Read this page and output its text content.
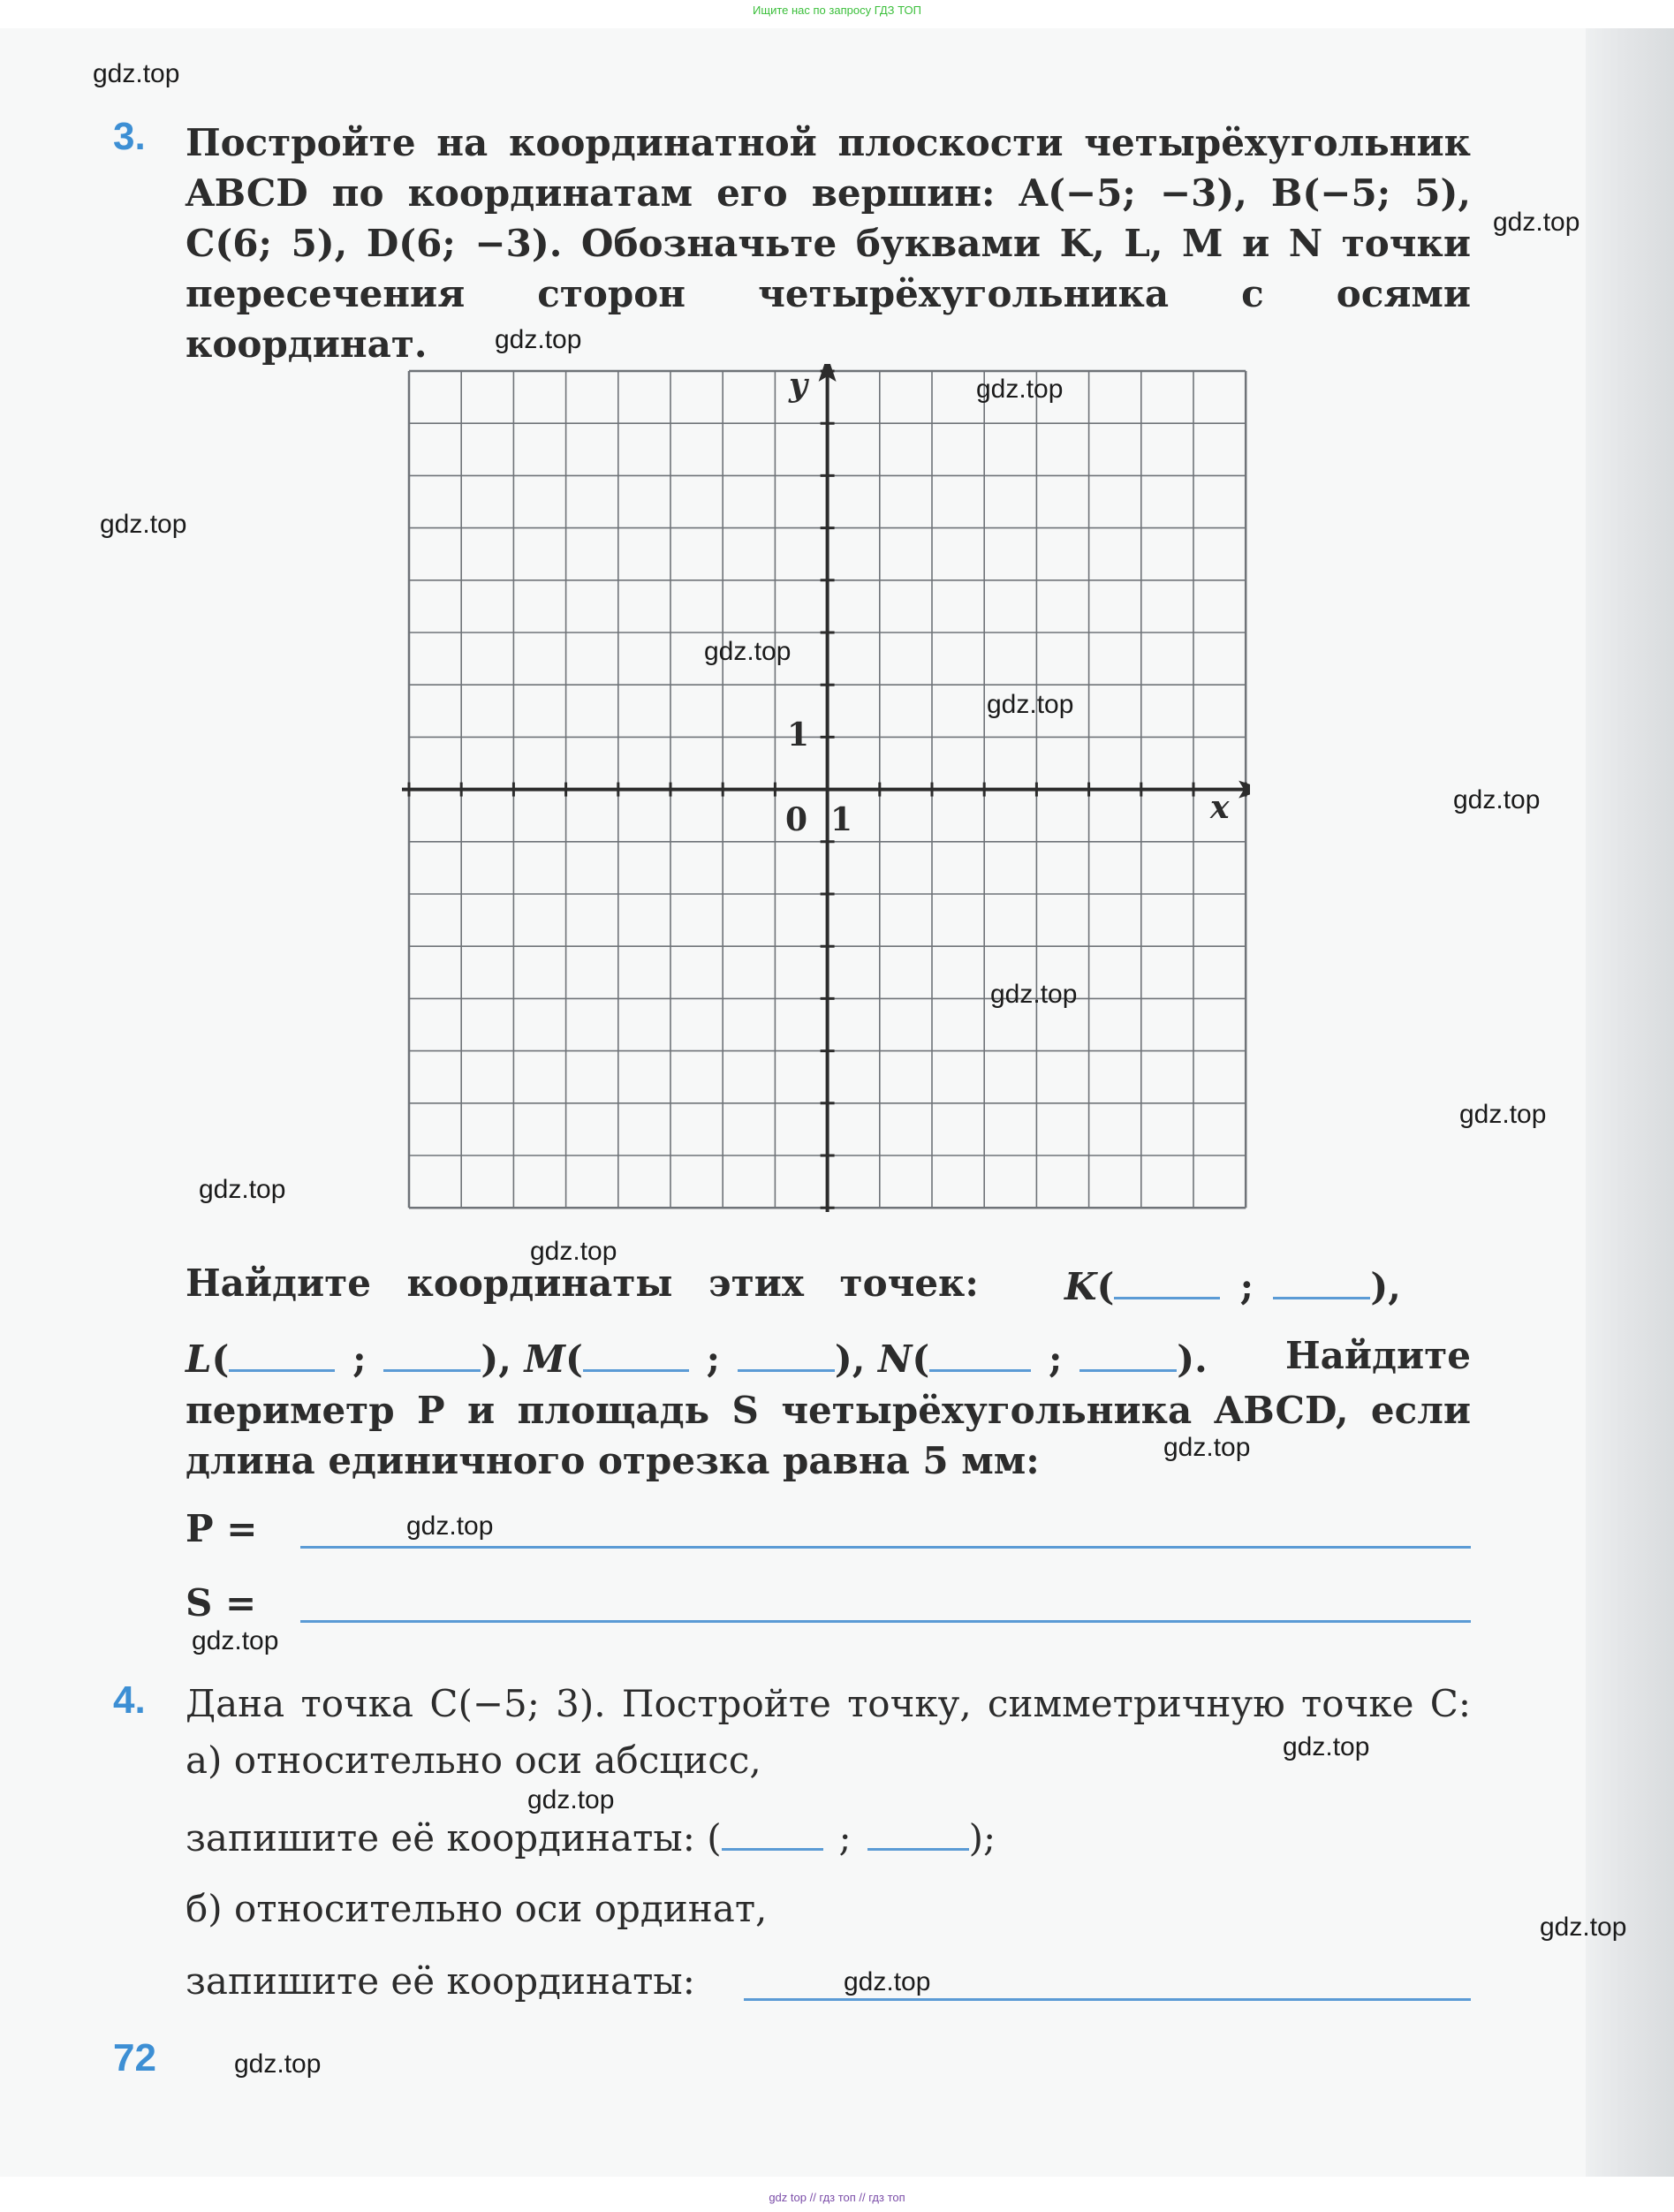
Ищите нас по запросу ГДЗ ТОП
3. Постройте на координатной плоскости четырёхугольник
ABCD по координатам его вершин: A(−5; −3), B(−5; 5),
C(6; 5), D(6; −3). Обозначьте буквами K, L, M и N точки
пересечения сторон четырёхугольника с осями координат.
y
x
0 1
1
Найдите координаты этих точек: K(	;	),
L(	;	), M(	;	), N(	;	). Найдите
периметр P и площадь S четырёхугольника ABCD, если
длина единичного отрезка равна 5 мм:
P =
S =
4. Дана точка C(−5; 3). Постройте точку, симметричную точке C:
а) относительно оси абсцисс,
запишите её координаты: (	;	);
б) относительно оси ординат,
запишите её координаты:
72
gdz.top
gdz.top
gdz.top
gdz.top
gdz.top
gdz.top
gdz.top
gdz.top
gdz.top
gdz.top
gdz.top
gdz.top
gdz.top
gdz.top
gdz.top
gdz.top
gdz.top
gdz.top
gdz.top
gdz.top
gdz top // гдз топ // гдз топ
